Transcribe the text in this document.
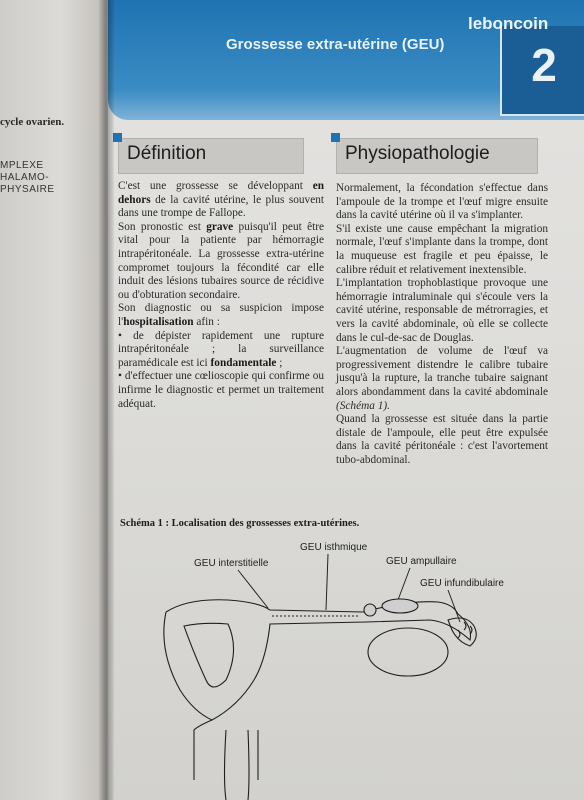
cycle ovarien.
MPLEXE
HALAMO-
PHYSAIRE
Grossesse extra-utérine (GEU)	2
leboncoin
Définition

C'est une grossesse se développant en dehors de la cavité utérine, le plus souvent dans une trompe de Fallope.

Son pronostic est grave puisqu'il peut être vital pour la patiente par hémorragie intrapéritonéale. La grossesse extra-utérine compromet toujours la fécondité car elle induit des lésions tubaires source de récidive ou d'obturation secondaire.

Son diagnostic ou sa suspicion impose l'hospitalisation afin :

• de dépister rapidement une rupture intrapéritonéale ; la surveillance paramédicale est ici fondamentale ;

• d'effectuer une cœlioscopie qui confirme ou infirme le diagnostic et permet un traitement adéquat.

Physiopathologie

Normalement, la fécondation s'effectue dans l'ampoule de la trompe et l'œuf migre ensuite dans la cavité utérine où il va s'implanter.

S'il existe une cause empêchant la migration normale, l'œuf s'implante dans la trompe, dont la muqueuse est fragile et peu épaisse, le calibre réduit et relativement inextensible.

L'implantation trophoblastique provoque une hémorragie intraluminale qui s'écoule vers la cavité utérine, responsable de métrorragies, et vers la cavité abdominale, où elle se collecte dans le cul-de-sac de Douglas.

L'augmentation de volume de l'œuf va progressivement distendre le calibre tubaire jusqu'à la rupture, la tranche tubaire saignant alors abondamment dans la cavité abdominale (Schéma 1).

Quand la grossesse est située dans la partie distale de l'ampoule, elle peut être expulsée dans la cavité péritonéale : c'est l'avortement tubo-abdominal.

Schéma 1 : Localisation des grossesses extra-utérines.
GEU interstitielle
GEU isthmique
GEU ampullaire
GEU infundibulaire
